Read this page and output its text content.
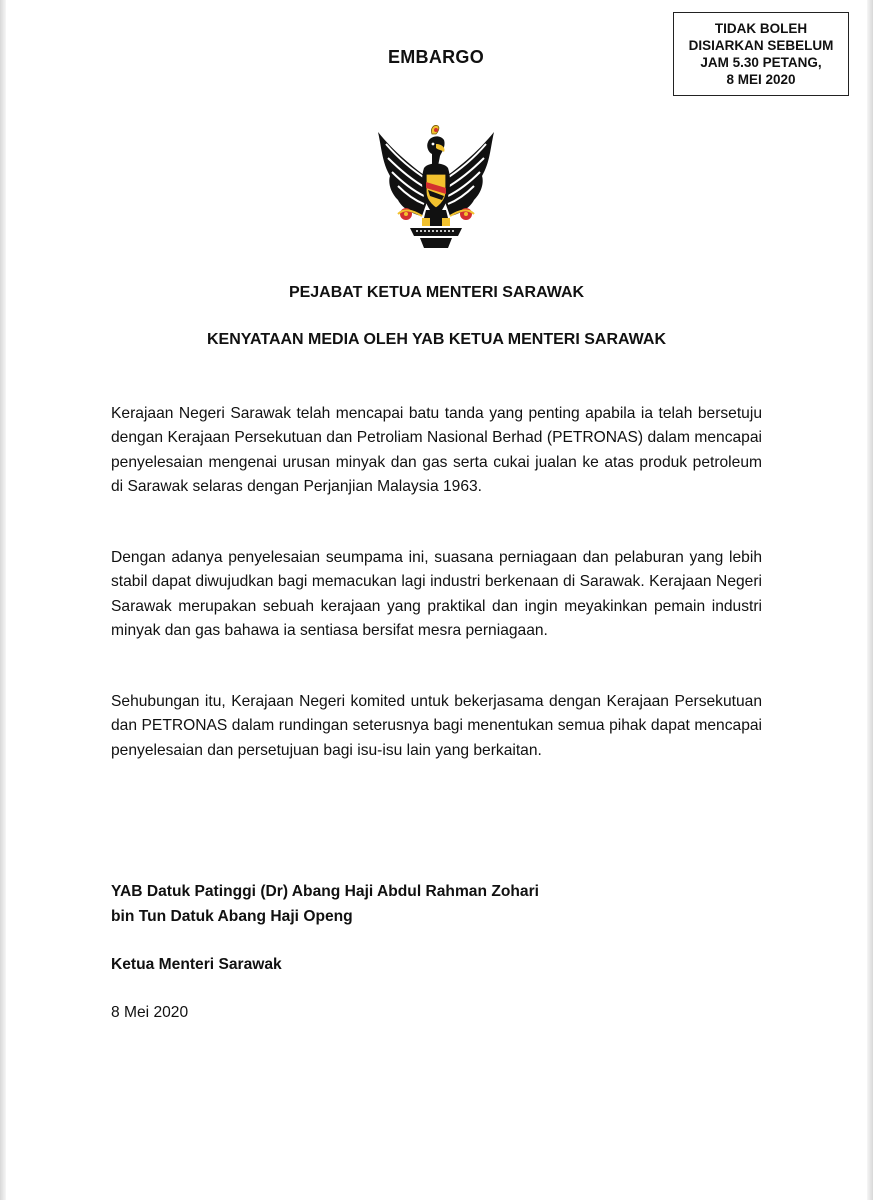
TIDAK BOLEH
DISIARKAN SEBELUM
JAM 5.30 PETANG,
8 MEI 2020
EMBARGO
PEJABAT KETUA MENTERI SARAWAK
KENYATAAN MEDIA OLEH YAB KETUA MENTERI SARAWAK

Kerajaan Negeri Sarawak telah mencapai batu tanda yang penting apabila ia telah bersetuju dengan Kerajaan Persekutuan dan Petroliam Nasional Berhad (PETRONAS) dalam mencapai penyelesaian mengenai urusan minyak dan gas serta cukai jualan ke atas produk petroleum di Sarawak selaras dengan Perjanjian Malaysia 1963.

Dengan adanya penyelesaian seumpama ini, suasana perniagaan dan pelaburan yang lebih stabil dapat diwujudkan bagi memacukan lagi industri berkenaan di Sarawak. Kerajaan Negeri Sarawak merupakan sebuah kerajaan yang praktikal dan ingin meyakinkan pemain industri minyak dan gas bahawa ia sentiasa bersifat mesra perniagaan.

Sehubungan itu, Kerajaan Negeri komited untuk bekerjasama dengan Kerajaan Persekutuan dan PETRONAS dalam rundingan seterusnya bagi menentukan semua pihak dapat mencapai penyelesaian dan persetujuan bagi isu-isu lain yang berkaitan.

YAB Datuk Patinggi (Dr) Abang Haji Abdul Rahman Zohari
bin Tun Datuk Abang Haji Openg
Ketua Menteri Sarawak
8 Mei 2020
